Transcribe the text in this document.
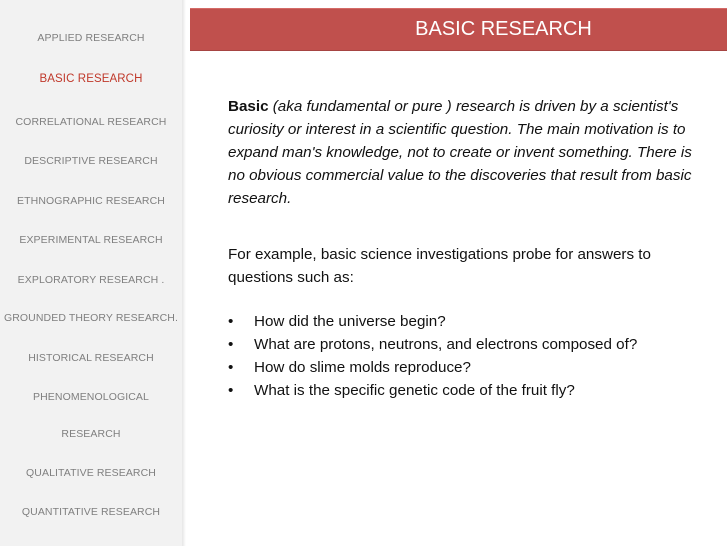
APPLIED RESEARCH
BASIC RESEARCH
CORRELATIONAL RESEARCH
DESCRIPTIVE RESEARCH
ETHNOGRAPHIC RESEARCH
EXPERIMENTAL RESEARCH
EXPLORATORY RESEARCH .
GROUNDED THEORY RESEARCH.
HISTORICAL RESEARCH
PHENOMENOLOGICAL
RESEARCH
QUALITATIVE RESEARCH
QUANTITATIVE RESEARCH
BASIC RESEARCH
Basic (aka fundamental or pure ) research is driven by a scientist's curiosity or interest in a scientific question. The main motivation is to expand man's knowledge, not to create or invent something. There is no obvious commercial value to the discoveries that result from basic research.
For example, basic science investigations probe for answers to questions such as:
• How did the universe begin?
• What are protons, neutrons, and electrons composed of?
• How do slime molds reproduce?
• What is the specific genetic code of the fruit fly?
